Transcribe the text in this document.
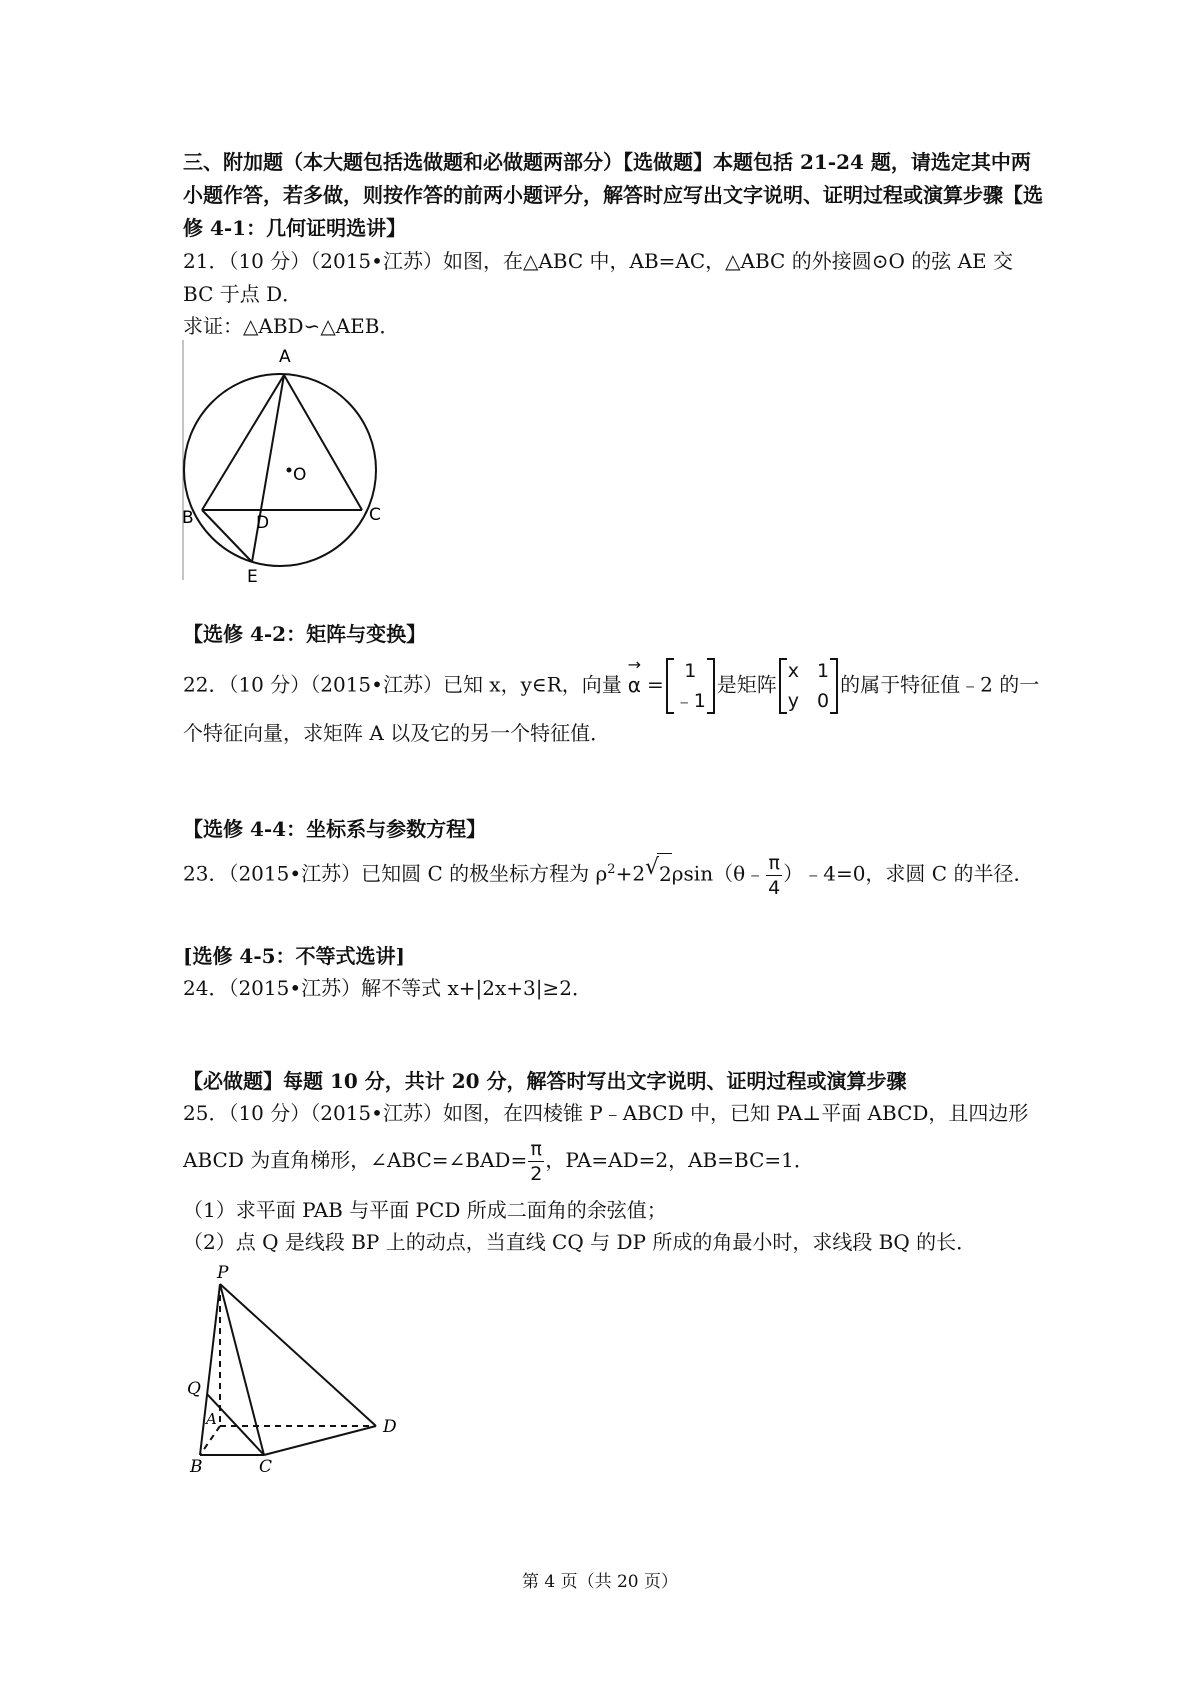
三、附加题（本大题包括选做题和必做题两部分）【选做题】本题包括 21-24 题，请选定其中两小题作答，若多做，则按作答的前两小题评分，解答时应写出文字说明、证明过程或演算步骤【选修 4-1：几何证明选讲】
21．（10 分）（2015•江苏）如图，在△ABC 中，AB=AC，△ABC 的外接圆⊙O 的弦 AE 交 BC 于点 D．
求证：△ABD∽△AEB．
A
B	C
D
E
O
【选修 4-2：矩阵与变换】
22．（10 分）（2015•江苏）已知 x，y∈R，向量 → α =
1
﹣1
是矩阵
x	1
y	0
的属于特征值﹣2 的一个特征向量，求矩阵 A 以及它的另一个特征值．
【选修 4-4：坐标系与参数方程】
23．（2015•江苏）已知圆 C 的极坐标方程为 $\rho^2+2$ √ 2ρsin（θ﹣ $\frac{\pi}{4}$ ）﹣4=0，求圆 C 的半径．
[选修 4-5：不等式选讲]
24．（2015•江苏）解不等式 x+|2x+3|≥2．
【必做题】每题 10 分，共计 20 分，解答时写出文字说明、证明过程或演算步骤
25．（10 分）（2015•江苏）如图，在四棱锥 P﹣ABCD 中，已知 PA⊥平面 ABCD，且四边形
ABCD 为直角梯形，∠ABC=∠BAD= $\frac{\pi}{2}$ ，PA=AD=2，AB=BC=1．
（1）求平面 PAB 与平面 PCD 所成二面角的余弦值；
（2）点 Q 是线段 BP 上的动点，当直线 CQ 与 DP 所成的角最小时，求线段 BQ 的长．
P
Q
A
B	C
D
第 4 页（共 20 页）
